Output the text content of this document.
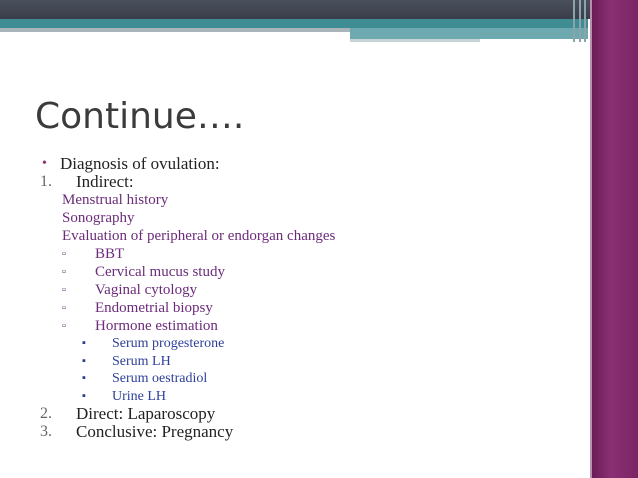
Continue….
• Diagnosis of ovulation:
1. Indirect:
Menstrual history
Sonography
Evaluation of peripheral or endorgan changes
▫ BBT
▫ Cervical mucus study
▫ Vaginal cytology
▫ Endometrial biopsy
▫ Hormone estimation
▪ Serum progesterone
▪ Serum LH
▪ Serum oestradiol
▪ Urine LH
2. Direct: Laparoscopy
3. Conclusive: Pregnancy
